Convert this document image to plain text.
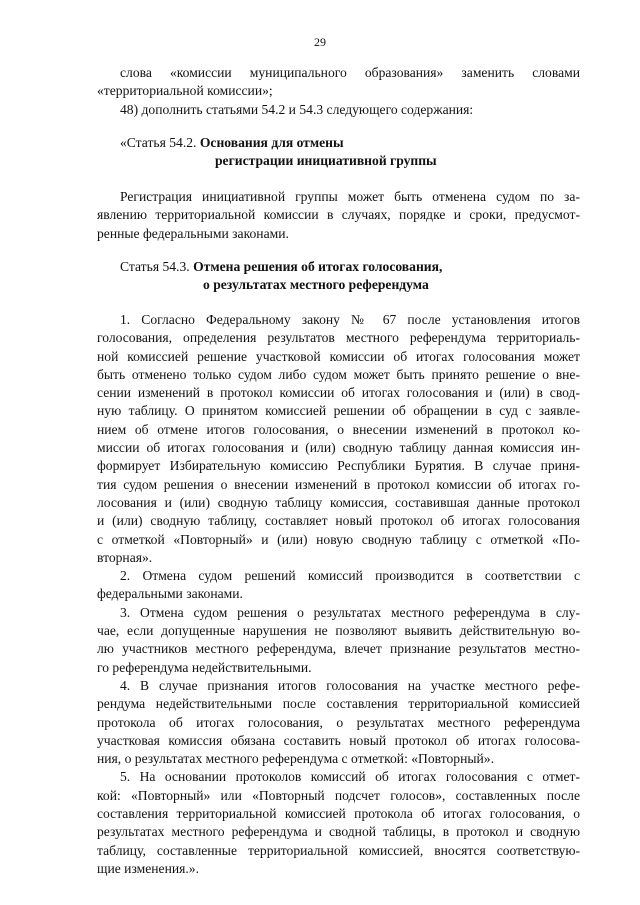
29
слова «комиссии муниципального образования» заменить словами
«территориальной комиссии»;
48) дополнить статьями 54.2 и 54.3 следующего содержания:
«Статья 54.2. Основания для отмены
регистрации инициативной группы
Регистрация инициативной группы может быть отменена судом по за-
явлению территориальной комиссии в случаях, порядке и сроки, предусмот-
ренные федеральными законами.
Статья 54.3. Отмена решения об итогах голосования,
о результатах местного референдума
1. Согласно Федеральному закону № 67 после установления итогов
голосования, определения результатов местного референдума территориаль-
ной комиссией решение участковой комиссии об итогах голосования может
быть отменено только судом либо судом может быть принято решение о вне-
сении изменений в протокол комиссии об итогах голосования и (или) в свод-
ную таблицу. О принятом комиссией решении об обращении в суд с заявле-
нием об отмене итогов голосования, о внесении изменений в протокол ко-
миссии об итогах голосования и (или) сводную таблицу данная комиссия ин-
формирует Избирательную комиссию Республики Бурятия. В случае приня-
тия судом решения о внесении изменений в протокол комиссии об итогах го-
лосования и (или) сводную таблицу комиссия, составившая данные протокол
и (или) сводную таблицу, составляет новый протокол об итогах голосования
с отметкой «Повторный» и (или) новую сводную таблицу с отметкой «По-
вторная».
2. Отмена судом решений комиссий производится в соответствии с
федеральными законами.
3. Отмена судом решения о результатах местного референдума в слу-
чае, если допущенные нарушения не позволяют выявить действительную во-
лю участников местного референдума, влечет признание результатов местно-
го референдума недействительными.
4. В случае признания итогов голосования на участке местного рефе-
рендума недействительными после составления территориальной комиссией
протокола об итогах голосования, о результатах местного референдума
участковая комиссия обязана составить новый протокол об итогах голосова-
ния, о результатах местного референдума с отметкой: «Повторный».
5. На основании протоколов комиссий об итогах голосования с отмет-
кой: «Повторный» или «Повторный подсчет голосов», составленных после
составления территориальной комиссией протокола об итогах голосования, о
результатах местного референдума и сводной таблицы, в протокол и сводную
таблицу, составленные территориальной комиссией, вносятся соответствую-
щие изменения.».
